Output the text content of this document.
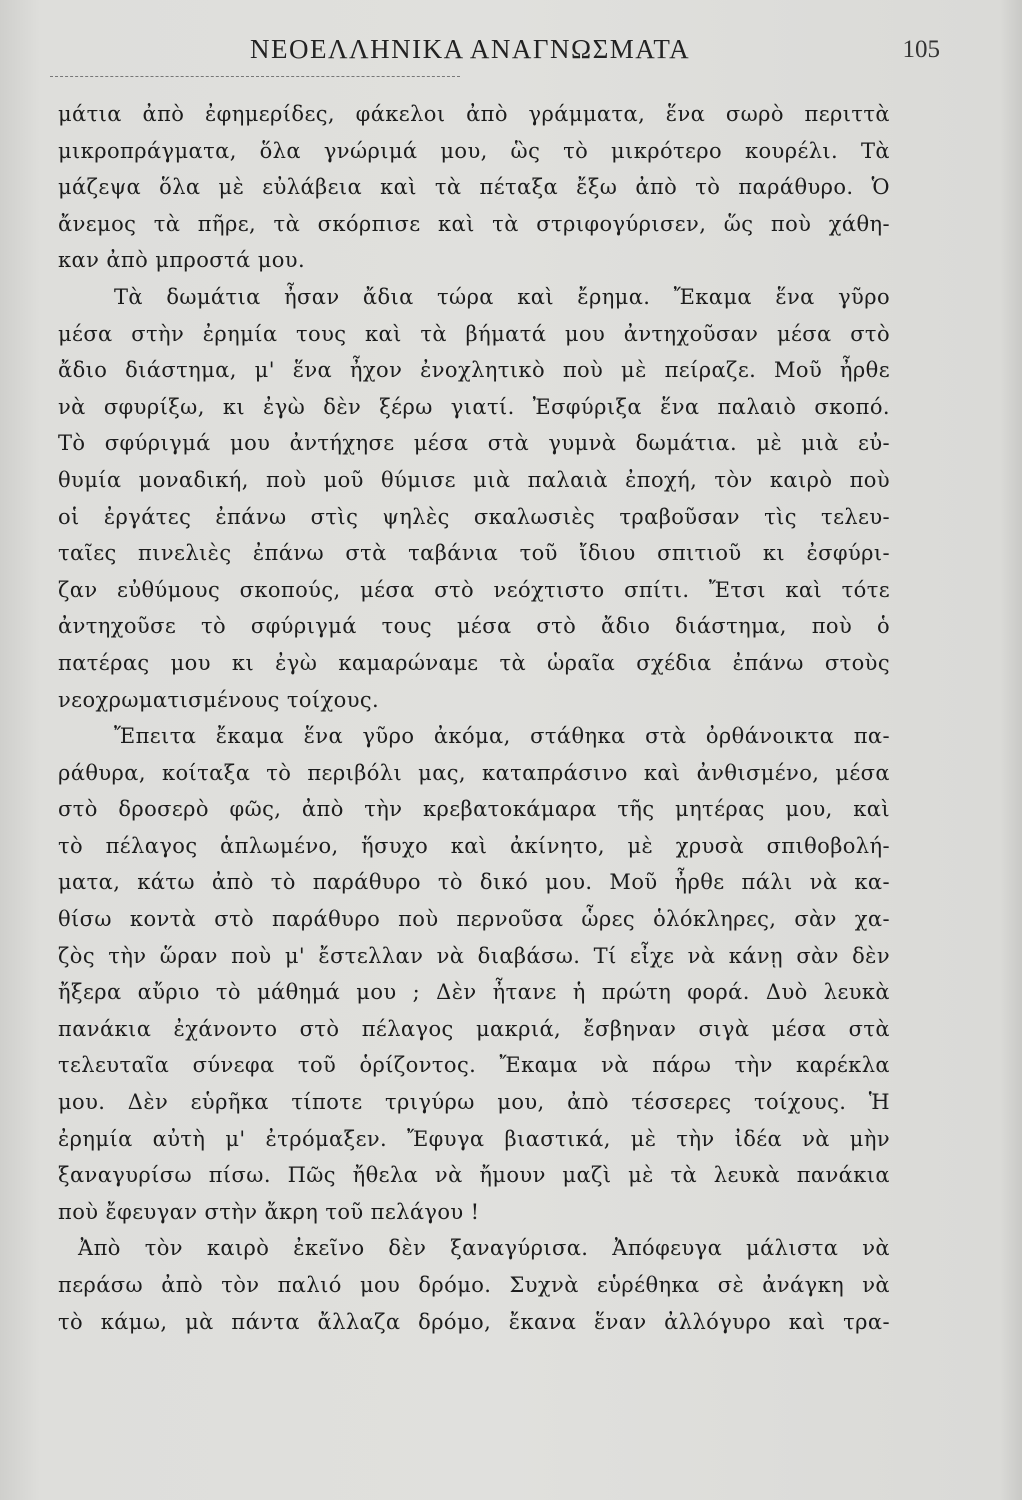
ΝΕΟΕΛΛΗΝΙΚΑ ΑΝΑΓΝΩΣΜΑΤΑ	105
μάτια ἀπὸ ἐφημερίδες, φάκελοι ἀπὸ γράμματα, ἕνα σωρὸ περιττὰ
μικροπράγματα, ὅλα γνώριμά μου, ὣς τὸ μικρότερο κουρέλι. Τὰ
μάζεψα ὅλα μὲ εὐλάβεια καὶ τὰ πέταξα ἔξω ἀπὸ τὸ παράθυρο. Ὁ
ἄνεμος τὰ πῆρε, τὰ σκόρπισε καὶ τὰ στριφογύρισεν, ὥς ποὺ χάθη-
καν ἀπὸ μπροστά μου.
Τὰ δωμάτια ἦσαν ἄδια τώρα καὶ ἔρημα. Ἔκαμα ἕνα γῦρο
μέσα στὴν ἐρημία τους καὶ τὰ βήματά μου ἀντηχοῦσαν μέσα στὸ
ἄδιο διάστημα, μ' ἕνα ἦχον ἐνοχλητικὸ ποὺ μὲ πείραζε. Μοῦ ἦρθε
νὰ σφυρίξω, κι ἐγὼ δὲν ξέρω γιατί. Ἐσφύριξα ἕνα παλαιὸ σκοπό.
Τὸ σφύριγμά μου ἀντήχησε μέσα στὰ γυμνὰ δωμάτια. μὲ μιὰ εὐ-
θυμία μοναδική, ποὺ μοῦ θύμισε μιὰ παλαιὰ ἐποχή, τὸν καιρὸ ποὺ
οἱ ἐργάτες ἐπάνω στὶς ψηλὲς σκαλωσιὲς τραβοῦσαν τὶς τελευ-
ταῖες πινελιὲς ἐπάνω στὰ ταβάνια τοῦ ἴδιου σπιτιοῦ κι ἐσφύρι-
ζαν εὐθύμους σκοπούς, μέσα στὸ νεόχτιστο σπίτι. Ἔτσι καὶ τότε
ἀντηχοῦσε τὸ σφύριγμά τους μέσα στὸ ἄδιο διάστημα, ποὺ ὁ
πατέρας μου κι ἐγὼ καμαρώναμε τὰ ὡραῖα σχέδια ἐπάνω στοὺς
νεοχρωματισμένους τοίχους.
Ἔπειτα ἔκαμα ἕνα γῦρο ἀκόμα, στάθηκα στὰ ὀρθάνοικτα πα-
ράθυρα, κοίταξα τὸ περιβόλι μας, καταπράσινο καὶ ἀνθισμένο, μέσα
στὸ δροσερὸ φῶς, ἀπὸ τὴν κρεβατοκάμαρα τῆς μητέρας μου, καὶ
τὸ πέλαγος ἁπλωμένο, ἥσυχο καὶ ἀκίνητο, μὲ χρυσὰ σπιθοβολή-
ματα, κάτω ἀπὸ τὸ παράθυρο τὸ δικό μου. Μοῦ ἦρθε πάλι νὰ κα-
θίσω κοντὰ στὸ παράθυρο ποὺ περνοῦσα ὧρες ὁλόκληρες, σὰν χα-
ζὸς τὴν ὥραν ποὺ μ' ἔστελλαν νὰ διαβάσω. Τί εἶχε νὰ κάνῃ σὰν δὲν
ἤξερα αὔριο τὸ μάθημά μου ; Δὲν ἦτανε ἡ πρώτη φορά. Δυὸ λευκὰ
πανάκια ἐχάνοντο στὸ πέλαγος μακριά, ἔσβηναν σιγὰ μέσα στὰ
τελευταῖα σύνεφα τοῦ ὁρίζοντος. Ἔκαμα νὰ πάρω τὴν καρέκλα
μου. Δὲν εὑρῆκα τίποτε τριγύρω μου, ἀπὸ τέσσερες τοίχους. Ἡ
ἐρημία αὐτὴ μ' ἐτρόμαξεν. Ἔφυγα βιαστικά, μὲ τὴν ἰδέα νὰ μὴν
ξαναγυρίσω πίσω. Πῶς ἤθελα νὰ ἤμουν μαζὶ μὲ τὰ λευκὰ πανάκια
ποὺ ἔφευγαν στὴν ἄκρη τοῦ πελάγου !
Ἀπὸ τὸν καιρὸ ἐκεῖνο δὲν ξαναγύρισα. Ἀπόφευγα μάλιστα νὰ
περάσω ἀπὸ τὸν παλιό μου δρόμο. Συχνὰ εὑρέθηκα σὲ ἀνάγκη νὰ
τὸ κάμω, μὰ πάντα ἄλλαζα δρόμο, ἔκανα ἕναν ἀλλόγυρο καὶ τρα-
